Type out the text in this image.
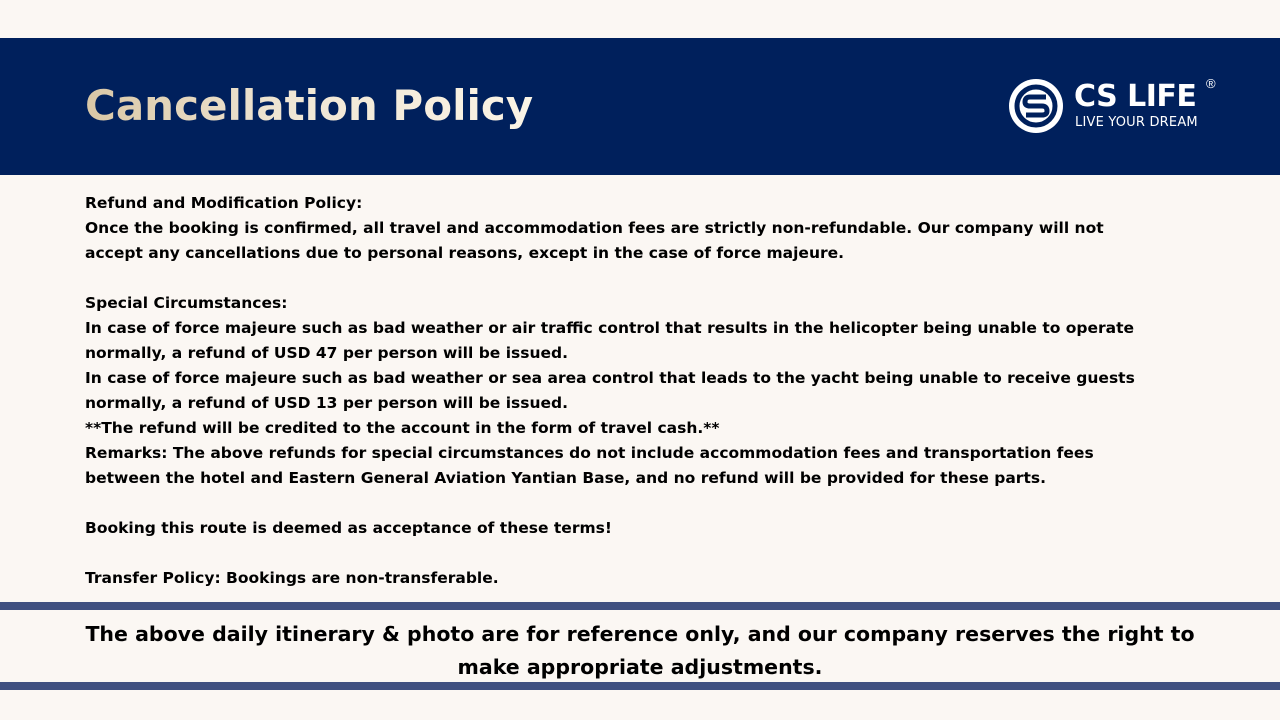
Cancellation Policy	CS LIFE ®
LIVE YOUR DREAM

Refund and Modification Policy:

Once the booking is confirmed, all travel and accommodation fees are strictly non-refundable. Our company will not accept any cancellations due to personal reasons, except in the case of force majeure.

Special Circumstances:

In case of force majeure such as bad weather or air traffic control that results in the helicopter being unable to operate normally, a refund of USD 47 per person will be issued.

In case of force majeure such as bad weather or sea area control that leads to the yacht being unable to receive guests normally, a refund of USD 13 per person will be issued.

**The refund will be credited to the account in the form of travel cash.**

Remarks: The above refunds for special circumstances do not include accommodation fees and transportation fees between the hotel and Eastern General Aviation Yantian Base, and no refund will be provided for these parts.

Booking this route is deemed as acceptance of these terms!

Transfer Policy: Bookings are non-transferable.

The above daily itinerary & photo are for reference only, and our company reserves the right to
make appropriate adjustments.
